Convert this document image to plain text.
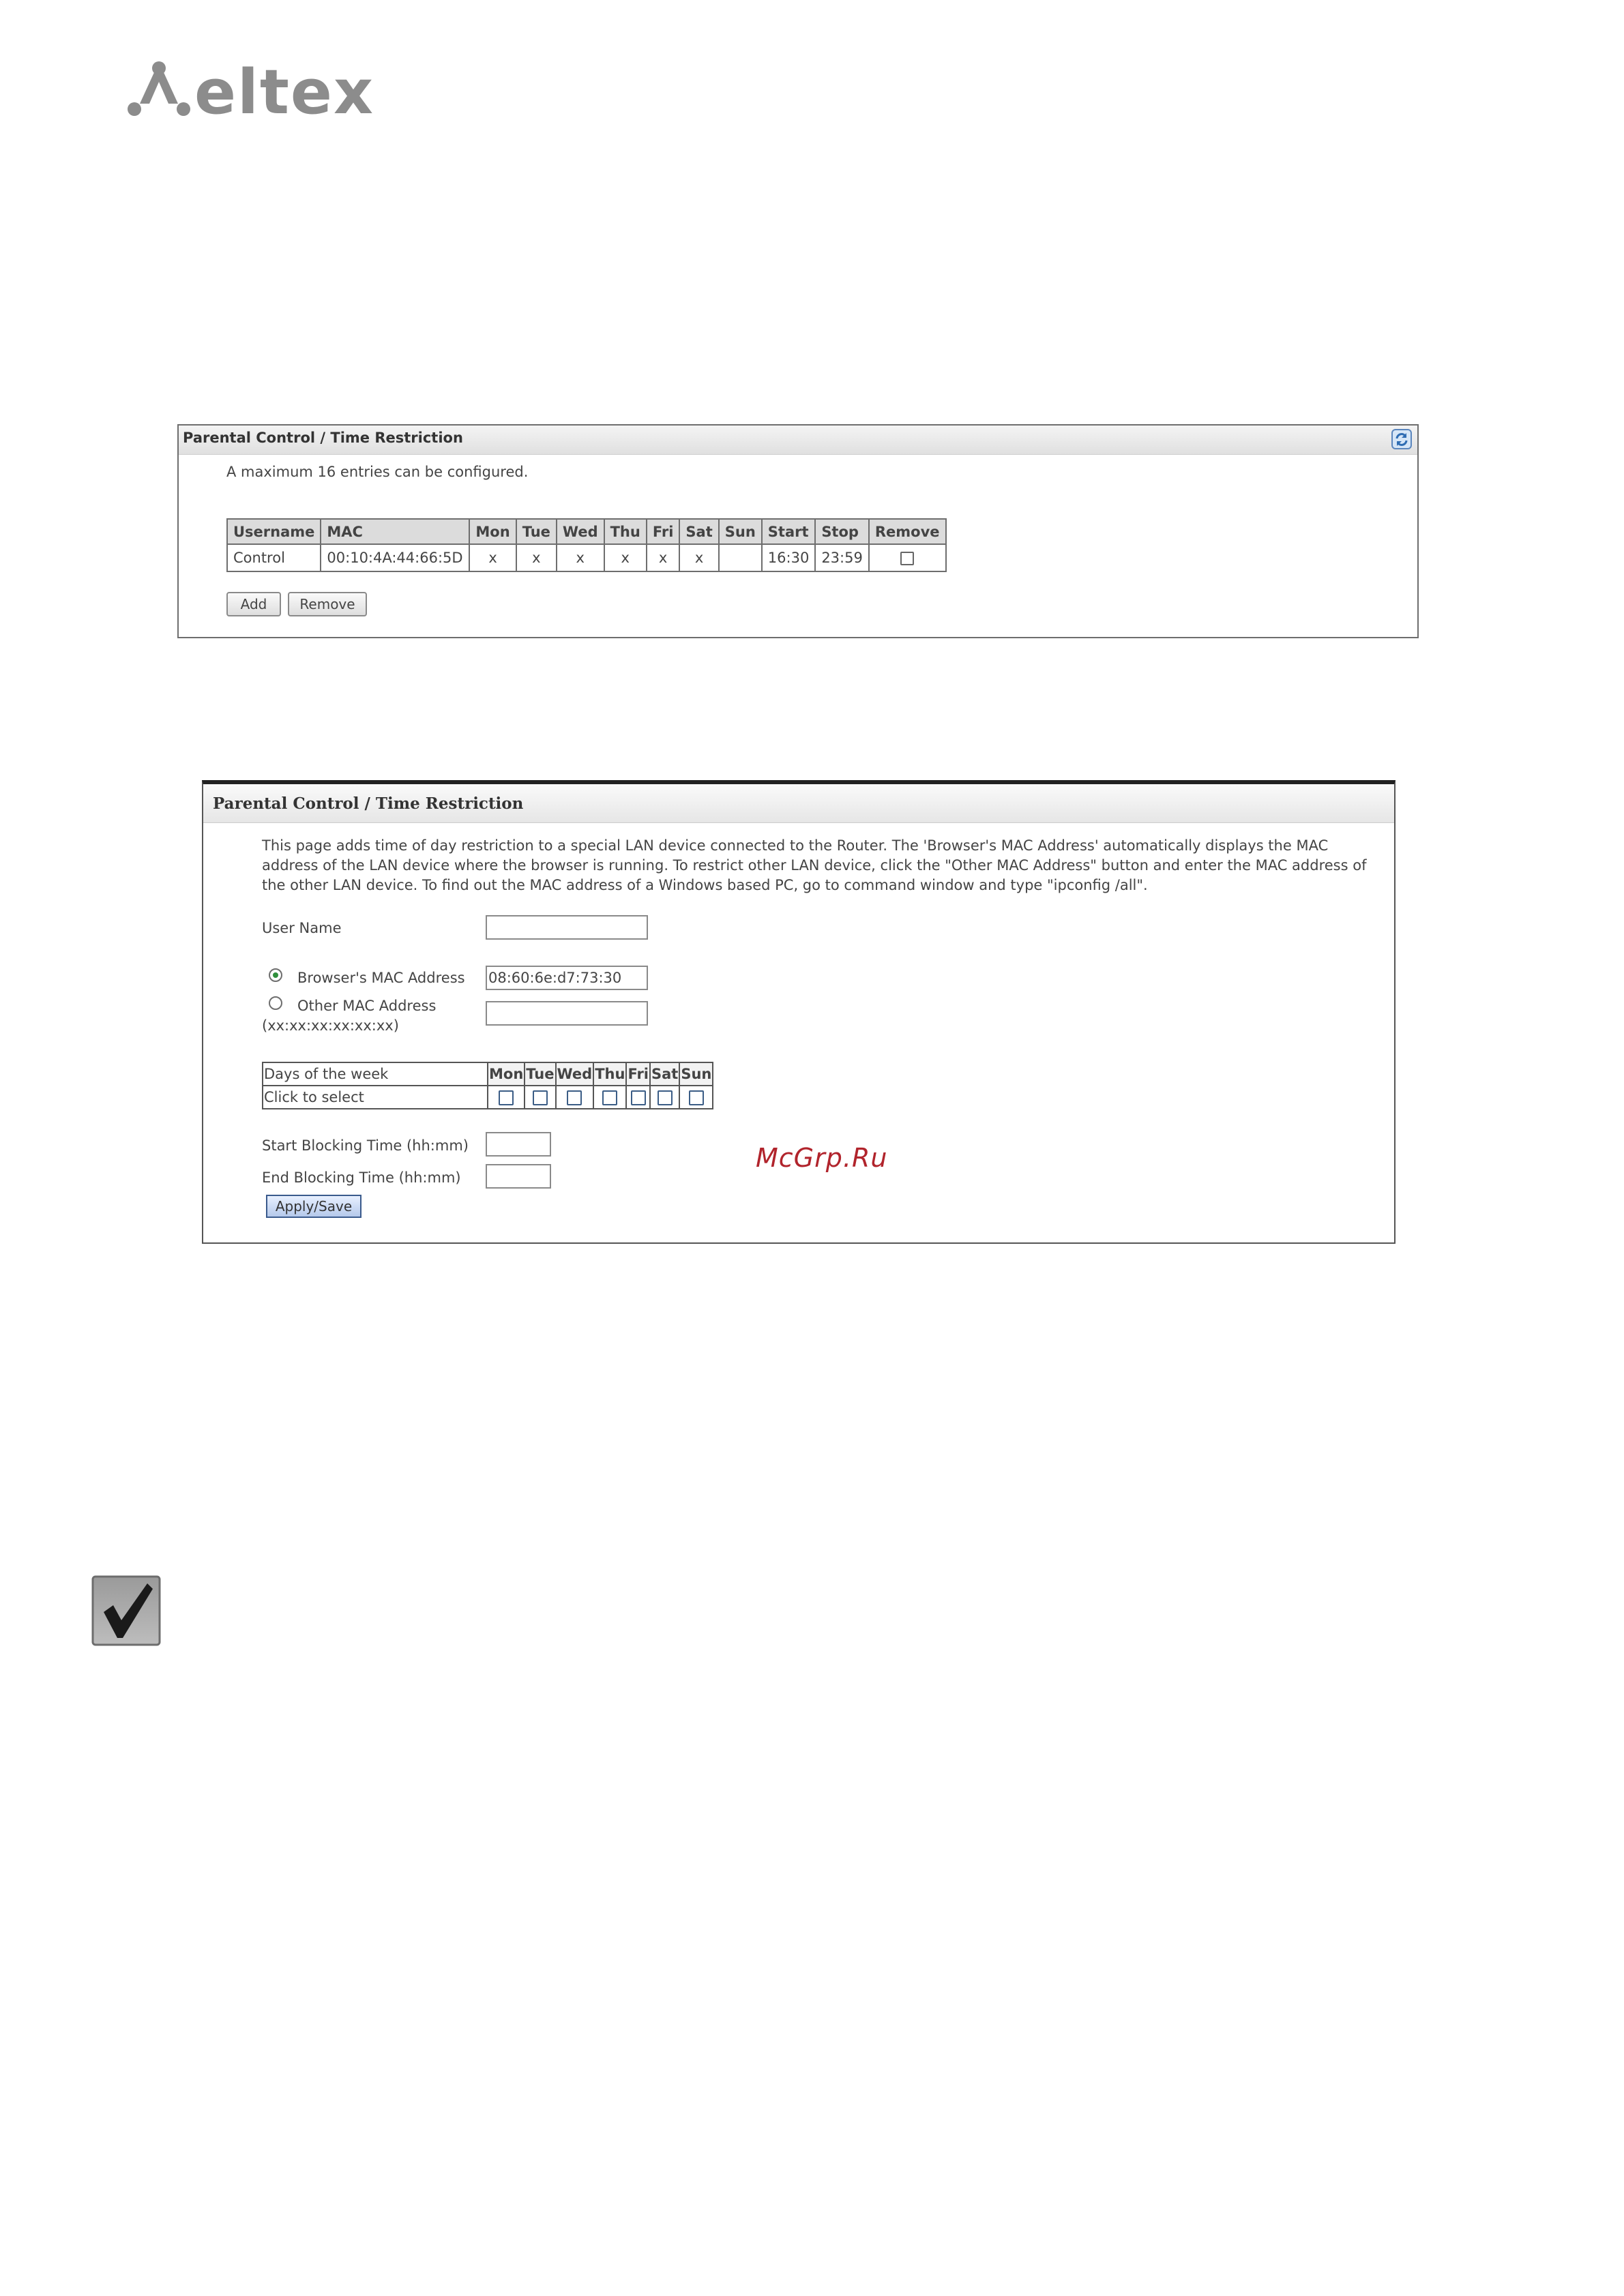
eltex
Parental Control / Time Restriction
A maximum 16 entries can be configured.
Username	MAC	Mon	Tue	Wed	Thu	Fri	Sat	Sun	Start	Stop	Remove
Control	00:10:4A:44:66:5D	x	x	x	x	x	x		16:30	23:59	
Add	Remove
Parental Control / Time Restriction
This page adds time of day restriction to a special LAN device connected to the Router. The 'Browser's MAC Address' automatically displays the MAC address of the LAN device where the browser is running. To restrict other LAN device, click the "Other MAC Address" button and enter the MAC address of the other LAN device. To find out the MAC address of a Windows based PC, go to command window and type "ipconfig /all".
User Name
Browser's MAC Address 08:60:6e:d7:73:30
Other MAC Address
(xx:xx:xx:xx:xx:xx)
Days of the week	Mon	Tue	Wed	Thu	Fri	Sat	Sun
Click to select							
Start Blocking Time (hh:mm)
End Blocking Time (hh:mm)
Apply/Save
McGrp.Ru
